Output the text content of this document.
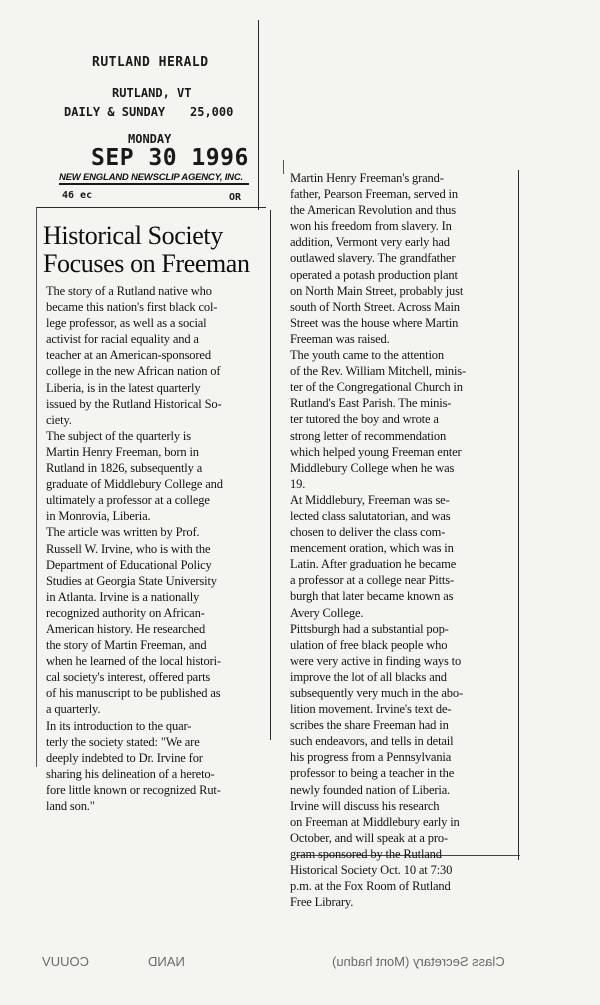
RUTLAND HERALD
RUTLAND, VT
DAILY & SUNDAY 25,000
MONDAY
SEP 30 1996
NEW ENGLAND NEWSCLIP AGENCY, INC.
46 ec	OR
Historical Society
Focuses on Freeman
The story of a Rutland native who
became this nation's first black col-
lege professor, as well as a social
activist for racial equality and a
teacher at an American-sponsored
college in the new African nation of
Liberia, is in the latest quarterly
issued by the Rutland Historical So-
ciety.
The subject of the quarterly is
Martin Henry Freeman, born in
Rutland in 1826, subsequently a
graduate of Middlebury College and
ultimately a professor at a college
in Monrovia, Liberia.
The article was written by Prof.
Russell W. Irvine, who is with the
Department of Educational Policy
Studies at Georgia State University
in Atlanta. Irvine is a nationally
recognized authority on African-
American history. He researched
the story of Martin Freeman, and
when he learned of the local histori-
cal society's interest, offered parts
of his manuscript to be published as
a quarterly.
In its introduction to the quar-
terly the society stated: "We are
deeply indebted to Dr. Irvine for
sharing his delineation of a hereto-
fore little known or recognized Rut-
land son."
Martin Henry Freeman's grand-
father, Pearson Freeman, served in
the American Revolution and thus
won his freedom from slavery. In
addition, Vermont very early had
outlawed slavery. The grandfather
operated a potash production plant
on North Main Street, probably just
south of North Street. Across Main
Street was the house where Martin
Freeman was raised.
The youth came to the attention
of the Rev. William Mitchell, minis-
ter of the Congregational Church in
Rutland's East Parish. The minis-
ter tutored the boy and wrote a
strong letter of recommendation
which helped young Freeman enter
Middlebury College when he was
19.
At Middlebury, Freeman was se-
lected class salutatorian, and was
chosen to deliver the class com-
mencement oration, which was in
Latin. After graduation he became
a professor at a college near Pitts-
burgh that later became known as
Avery College.
Pittsburgh had a substantial pop-
ulation of free black people who
were very active in finding ways to
improve the lot of all blacks and
subsequently very much in the abo-
lition movement. Irvine's text de-
scribes the share Freeman had in
such endeavors, and tells in detail
his progress from a Pennsylvania
professor to being a teacher in the
newly founded nation of Liberia.
Irvine will discuss his research
on Freeman at Middlebury early in
October, and will speak at a pro-
gram sponsored by the Rutland
Historical Society Oct. 10 at 7:30
p.m. at the Fox Room of Rutland
Free Library.
COUUV	NAND	Class Secretary (Mont hadnu)
